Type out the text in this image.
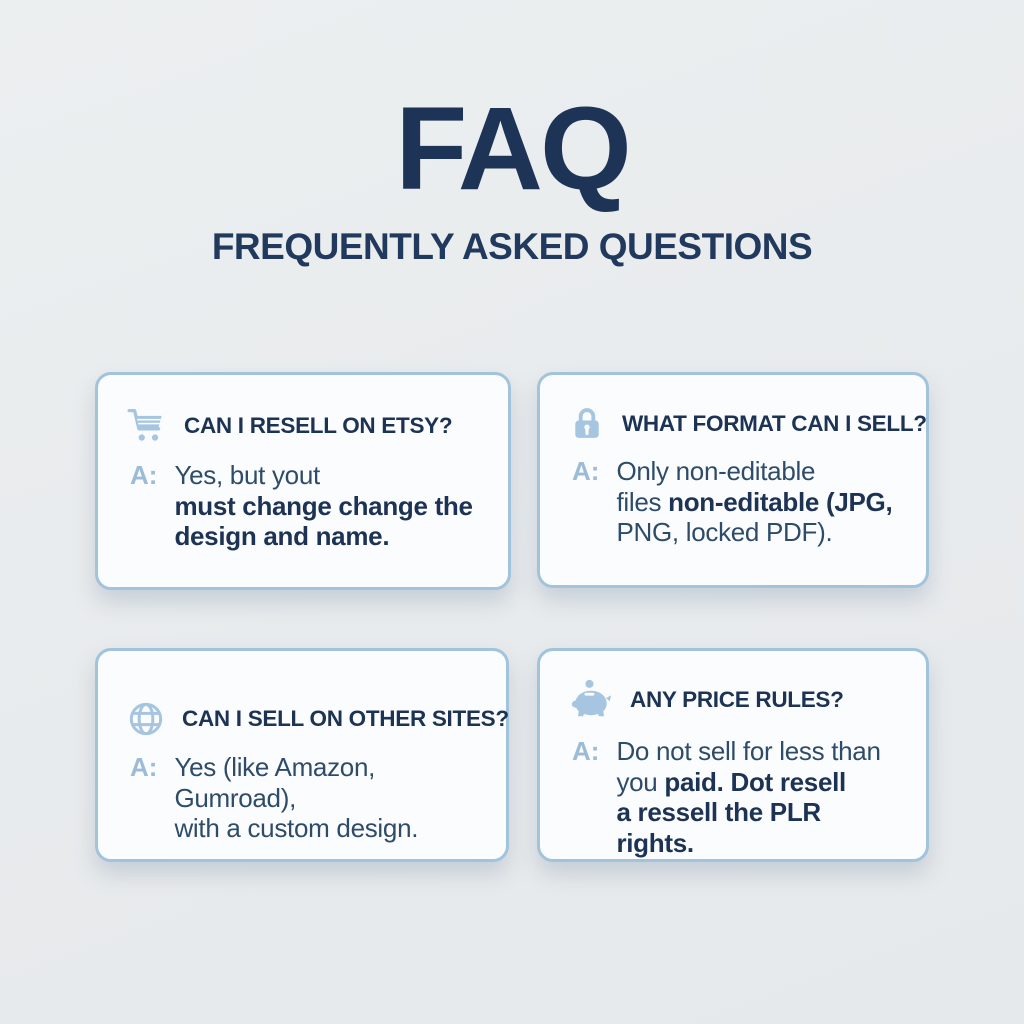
FAQ
FREQUENTLY ASKED QUESTIONS
CAN I RESELL ON ETSY?
A: Yes, but yout
must change change the
design and name.
WHAT FORMAT CAN I SELL?
A: Only non-editable
files non-editable (JPG,
PNG, locked PDF).
CAN I SELL ON OTHER SITES?
A: Yes (like Amazon, Gumroad),
with a custom design.
ANY PRICE RULES?
A: Do not sell for less than
you paid. Dot resell
a ressell the PLR rights.
